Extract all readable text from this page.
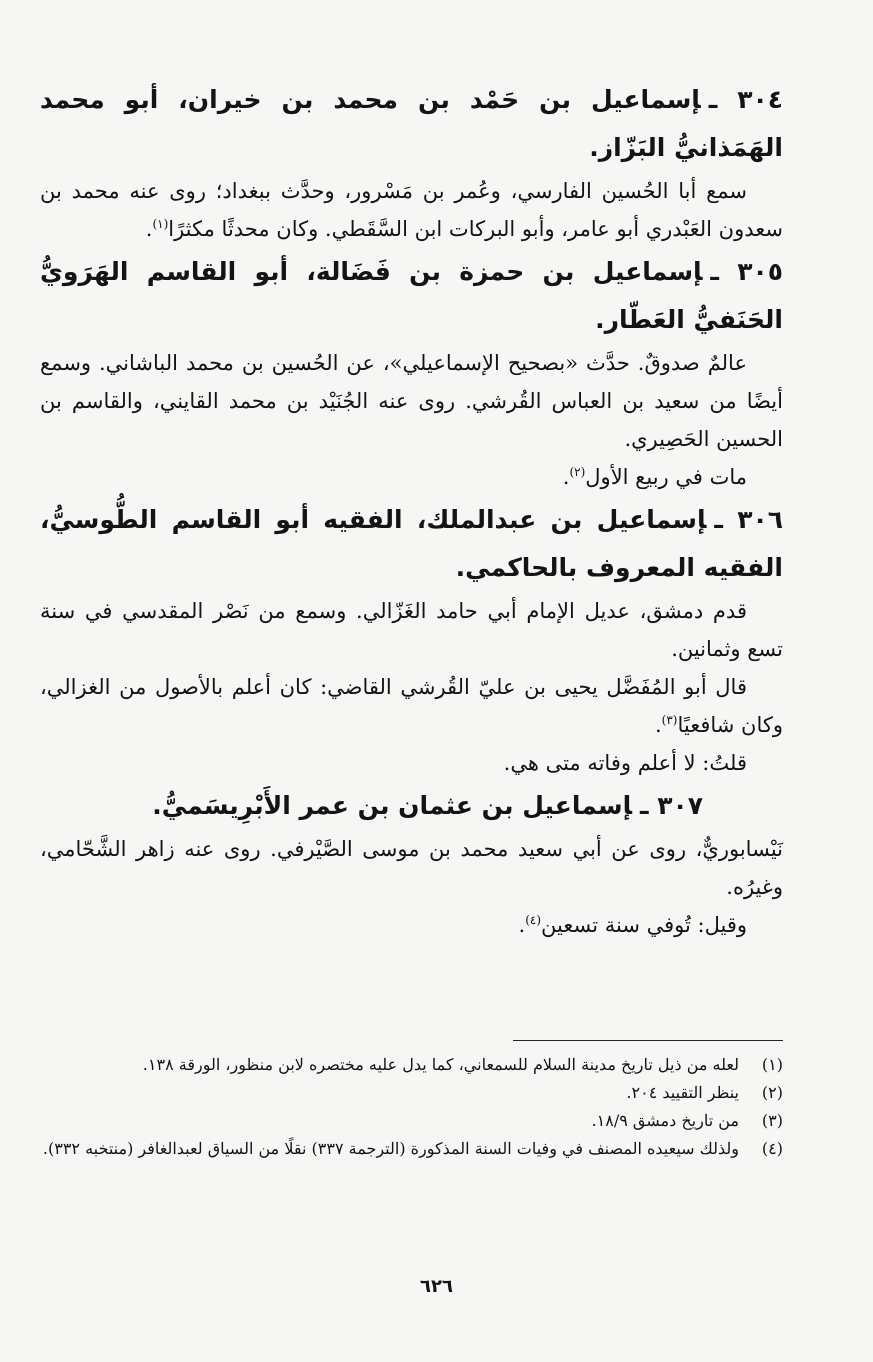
٣٠٤ ـإسماعيل بن حَمْد بن محمد بن خيران، أبو محمد الهَمَذانيُّ البَزّاز.

سمع أبا الحُسين الفارسي، وعُمر بن مَسْرور، وحدَّث ببغداد؛ روى عنه محمد بن سعدون العَبْدري أبو عامر، وأبو البركات ابن السَّقَطي. وكان محدثًا مكثرًا$^{(١)}$.

٣٠٥ ـإسماعيل بن حمزة بن فَضَالة، أبو القاسم الهَرَويُّ الحَنَفيُّ العَطّار.

عالمٌ صدوقٌ. حدَّث «بصحيح الإسماعيلي»، عن الحُسين بن محمد الباشاني. وسمع أيضًا من سعيد بن العباس القُرشي. روى عنه الجُنَيْد بن محمد القايني، والقاسم بن الحسين الحَصِيري.

مات في ربيع الأول$^{(٢)}$.

٣٠٦ ـإسماعيل بن عبدالملك، الفقيه أبو القاسم الطُّوسيُّ، الفقيه المعروف بالحاكمي.

قدم دمشق، عديل الإمام أبي حامد الغَزّالي. وسمع من نَصْر المقدسي في سنة تسع وثمانين.

قال أبو المُفَضَّل يحيى بن عليّ القُرشي القاضي: كان أعلم بالأصول من الغزالي، وكان شافعيًا$^{(٣)}$.

قلتُ: لا أعلم وفاته متى هي.

٣٠٧ ـإسماعيل بن عثمان بن عمر الأَبْرِيسَميُّ.

نَيْسابوريٌّ، روى عن أبي سعيد محمد بن موسى الصَّيْرفي. روى عنه زاهر الشَّحّامي، وغيرُه.

وقيل: تُوفي سنة تسعين$^{(٤)}$.

(١)
لعله من ذيل تاريخ مدينة السلام للسمعاني، كما يدل عليه مختصره لابن منظور، الورقة ١٣٨.
(٢)
ينظر التقييد ٢٠٤.
(٣)
من تاريخ دمشق ١٨/٩.
(٤)
ولذلك سيعيده المصنف في وفيات السنة المذكورة (الترجمة ٣٣٧) نقلًا من السياق لعبدالغافر (منتخبه ٣٣٢).
٦٢٦
